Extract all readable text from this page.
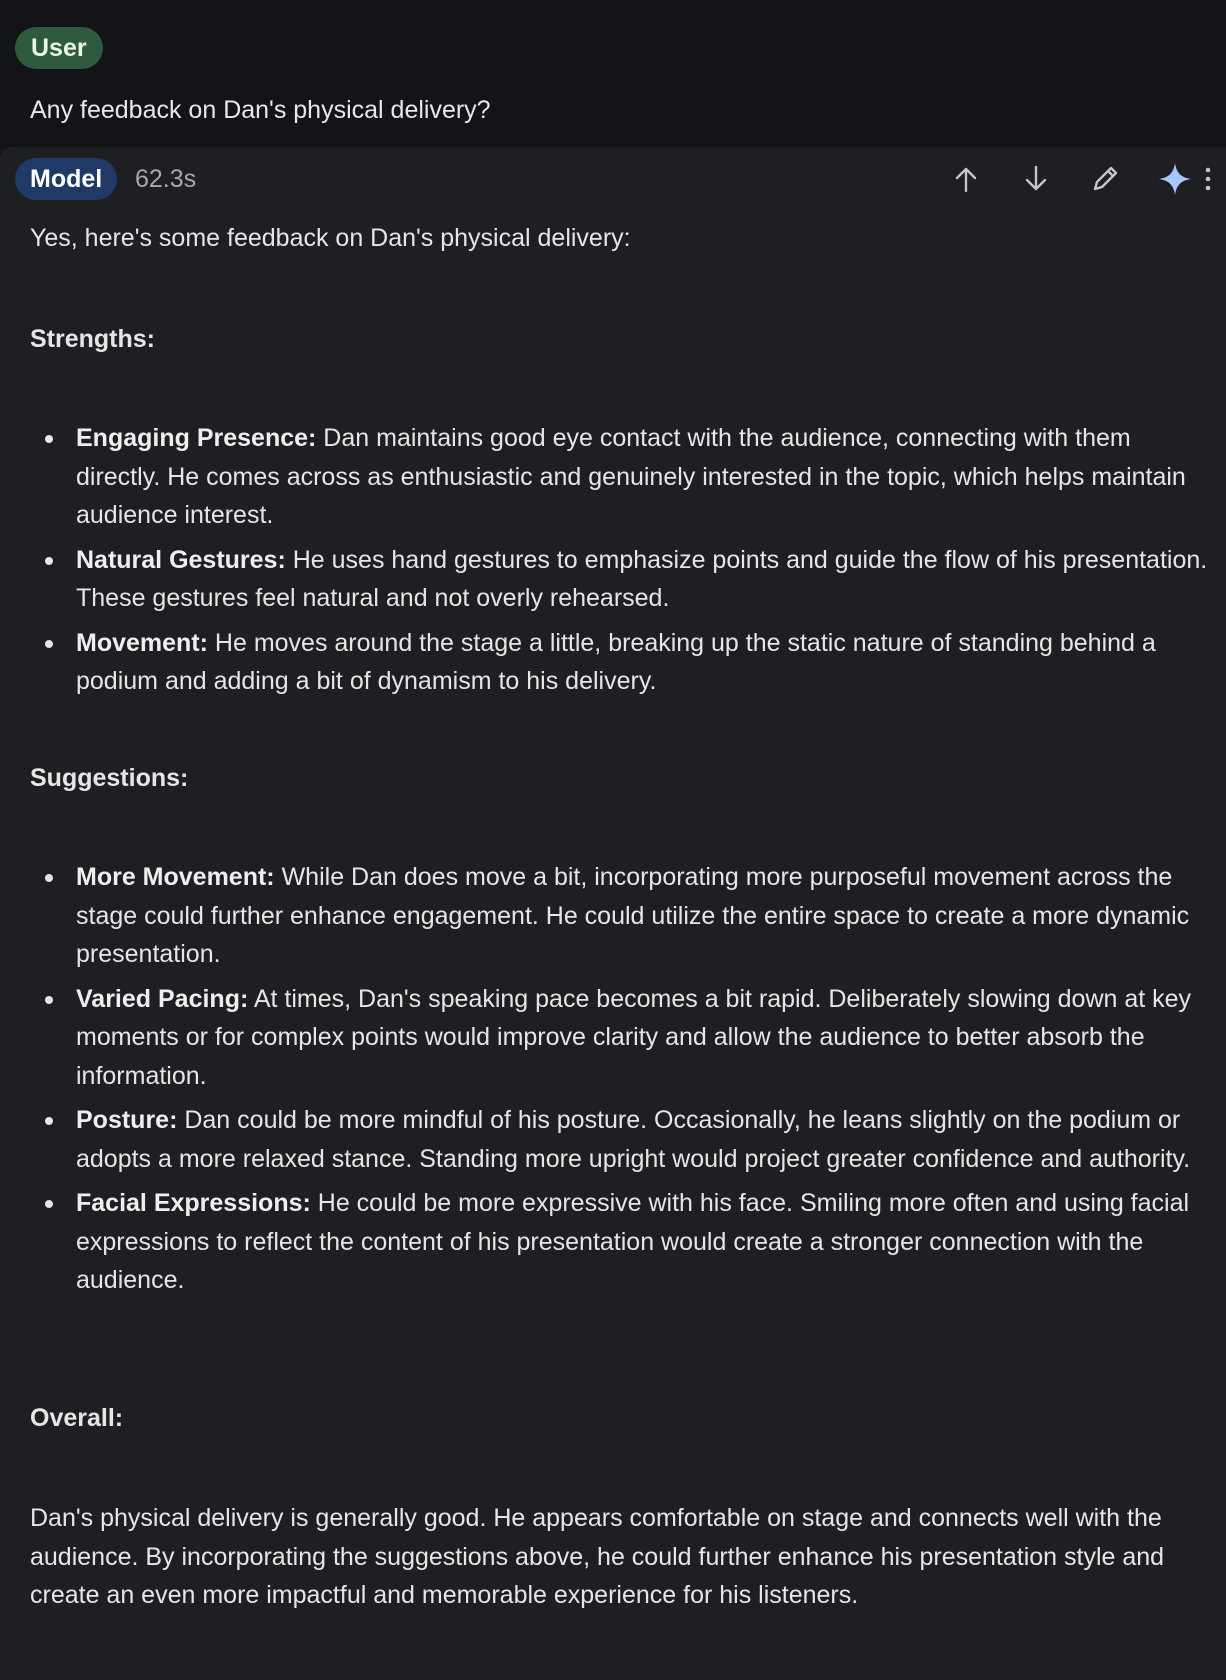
User
Any feedback on Dan's physical delivery?
Model	62.3s

Yes, here's some feedback on Dan's physical delivery:

Strengths:

Engaging Presence: Dan maintains good eye contact with the audience, connecting with them directly. He comes across as enthusiastic and genuinely interested in the topic, which helps maintain audience interest.
Natural Gestures: He uses hand gestures to emphasize points and guide the flow of his presentation. These gestures feel natural and not overly rehearsed.
Movement: He moves around the stage a little, breaking up the static nature of standing behind a podium and adding a bit of dynamism to his delivery.

Suggestions:

More Movement: While Dan does move a bit, incorporating more purposeful movement across the stage could further enhance engagement. He could utilize the entire space to create a more dynamic presentation.
Varied Pacing: At times, Dan's speaking pace becomes a bit rapid. Deliberately slowing down at key moments or for complex points would improve clarity and allow the audience to better absorb the information.
Posture: Dan could be more mindful of his posture. Occasionally, he leans slightly on the podium or adopts a more relaxed stance. Standing more upright would project greater confidence and authority.
Facial Expressions: He could be more expressive with his face. Smiling more often and using facial expressions to reflect the content of his presentation would create a stronger connection with the audience.

Overall:

Dan's physical delivery is generally good. He appears comfortable on stage and connects well with the audience. By incorporating the suggestions above, he could further enhance his presentation style and create an even more impactful and memorable experience for his listeners.
